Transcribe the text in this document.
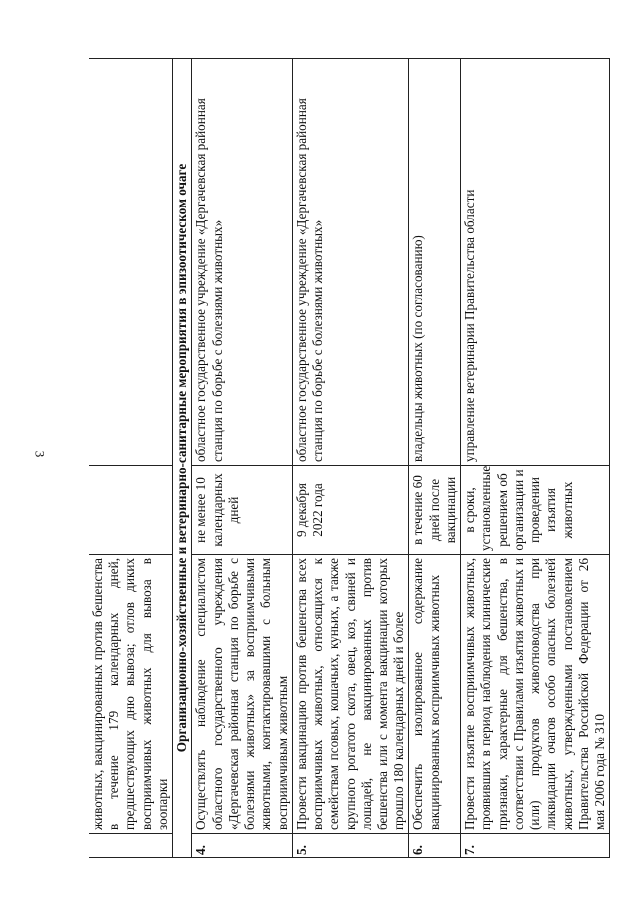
3
	животных, вакцинированных против бешенства в течение 179 календарных дней, предшествующих дню вывоза; отлов диких восприимчивых животных для вывоза в зоопарки		
Организационно-хозяйственные и ветеринарно-санитарные мероприятия в эпизоотическом очаге			
4.	Осуществлять наблюдение специалистом областного государственного учреждения «Дергачевская районная станция по борьбе с болезнями животных» за восприимчивыми животными, контактировавшими с больным восприимчивым животным	не менее 10 календарных дней	областное государственное учреждение «Дергачевская районная станция по борьбе с болезнями животных»
5.	Провести вакцинацию против бешенства всех восприимчивых животных, относящихся к семействам псовых, кошачьих, куньих, а также крупного рогатого скота, овец, коз, свиней и лошадей, не вакцинированных против бешенства или с момента вакцинации которых прошло 180 календарных дней и более	9 декабря 2022 года	областное государственное учреждение «Дергачевская районная станция по борьбе с болезнями животных»
6.	Обеспечить изолированное содержание вакцинированных восприимчивых животных	в течение 60 дней после вакцинации	владельцы животных (по согласованию)
7.	Провести изъятие восприимчивых животных, проявивших в период наблюдения клинические признаки, характерные для бешенства, в соответствии с Правилами изъятия животных и (или) продуктов животноводства при ликвидации очагов особо опасных болезней животных, утвержденными постановлением Правительства Российской Федерации от 26 мая 2006 года № 310	в сроки, установленные решением об организации и проведении изъятия животных	управление ветеринарии Правительства области
